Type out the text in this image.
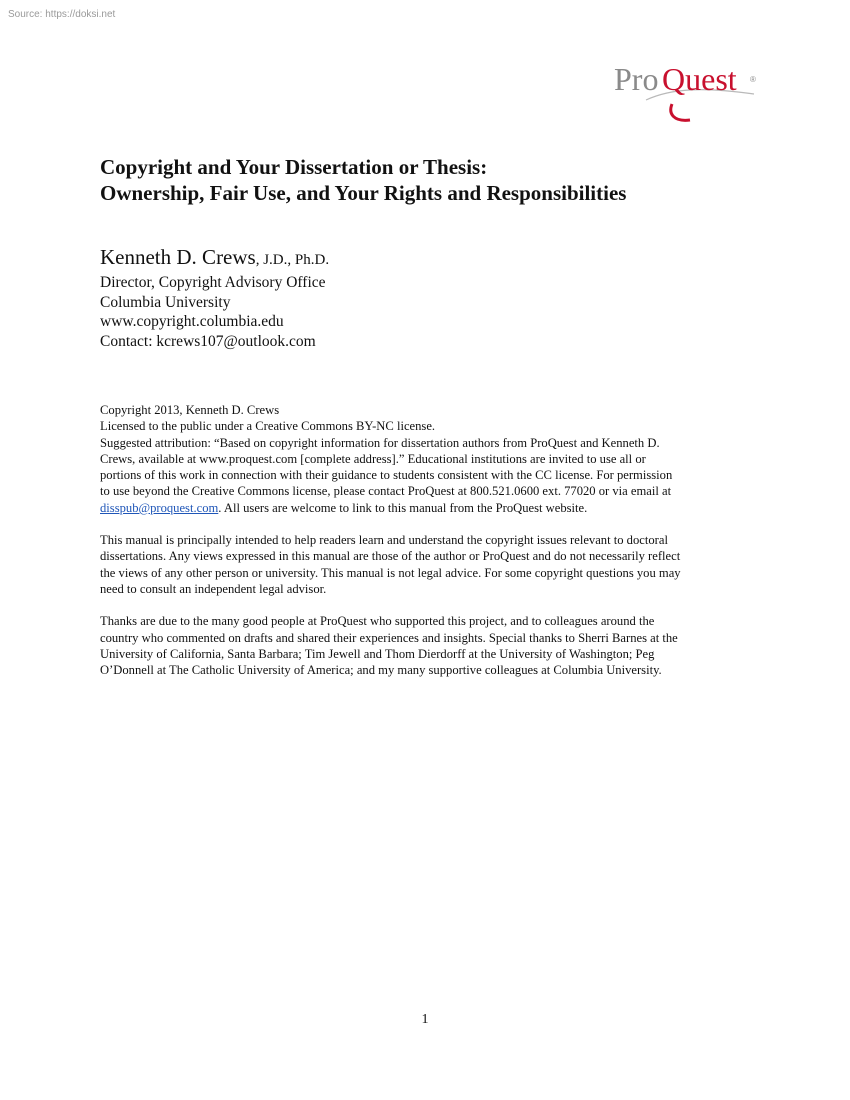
Source: https://doksi.net
Pro Quest ®
Copyright and Your Dissertation or Thesis:
Ownership, Fair Use, and Your Rights and Responsibilities
Kenneth D. Crews, J.D., Ph.D.
Director, Copyright Advisory Office
Columbia University
www.copyright.columbia.edu
Contact: kcrews107@outlook.com

Copyright 2013, Kenneth D. Crews

Licensed to the public under a Creative Commons BY-NC license.

Suggested attribution: “Based on copyright information for dissertation authors from ProQuest and Kenneth D.

Crews, available at www.proquest.com [complete address].” Educational institutions are invited to use all or

portions of this work in connection with their guidance to students consistent with the CC license. For permission

to use beyond the Creative Commons license, please contact ProQuest at 800.521.0600 ext. 77020 or via email at

disspub@proquest.com. All users are welcome to link to this manual from the ProQuest website.

This manual is principally intended to help readers learn and understand the copyright issues relevant to doctoral

dissertations. Any views expressed in this manual are those of the author or ProQuest and do not necessarily reflect

the views of any other person or university. This manual is not legal advice. For some copyright questions you may

need to consult an independent legal advisor.

Thanks are due to the many good people at ProQuest who supported this project, and to colleagues around the

country who commented on drafts and shared their experiences and insights. Special thanks to Sherri Barnes at the

University of California, Santa Barbara; Tim Jewell and Thom Dierdorff at the University of Washington; Peg

O’Donnell at The Catholic University of America; and my many supportive colleagues at Columbia University.

1
